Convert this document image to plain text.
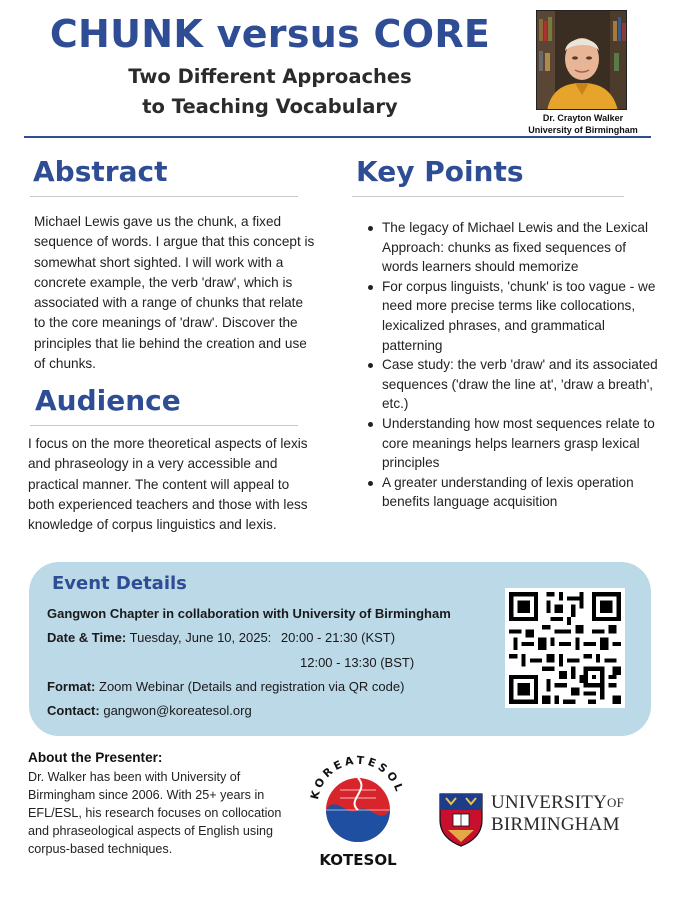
CHUNK versus CORE
Two Different Approaches
to Teaching Vocabulary	Dr. Crayton Walker
University of Birmingham
Abstract
Michael Lewis gave us the chunk, a fixed sequence of words. I argue that this concept is somewhat short sighted. I will work with a concrete example, the verb 'draw', which is associated with a range of chunks that relate to the core meanings of 'draw'. Discover the principles that lie behind the creation and use of chunks.
Audience
I focus on the more theoretical aspects of lexis and phraseology in a very accessible and practical manner. The content will appeal to both experienced teachers and those with less knowledge of corpus linguistics and lexis.
Key Points
The legacy of Michael Lewis and the Lexical Approach: chunks as fixed sequences of words learners should memorize
For corpus linguists, 'chunk' is too vague - we need more precise terms like collocations, lexicalized phrases, and grammatical patterning
Case study: the verb 'draw' and its associated sequences ('draw the line at', 'draw a breath', etc.)
Understanding how most sequences relate to core meanings helps learners grasp lexical principles
A greater understanding of lexis operation benefits language acquisition
Event Details
Gangwon Chapter in collaboration with University of Birmingham
Date & Time: Tuesday, June 10, 2025: 20:00 - 21:30 (KST)
12:00 - 13:30 (BST)
Format: Zoom Webinar (Details and registration via QR code)
Contact: gangwon@koreatesol.org
About the Presenter:
Dr. Walker has been with University of Birmingham since 2006. With 25+ years in EFL/ESL, his research focuses on collocation and phraseological aspects of English using corpus-based techniques.
KOREATESOL
KOTESOL
$UNIVERSITY^{OF}$
BIRMINGHAM
